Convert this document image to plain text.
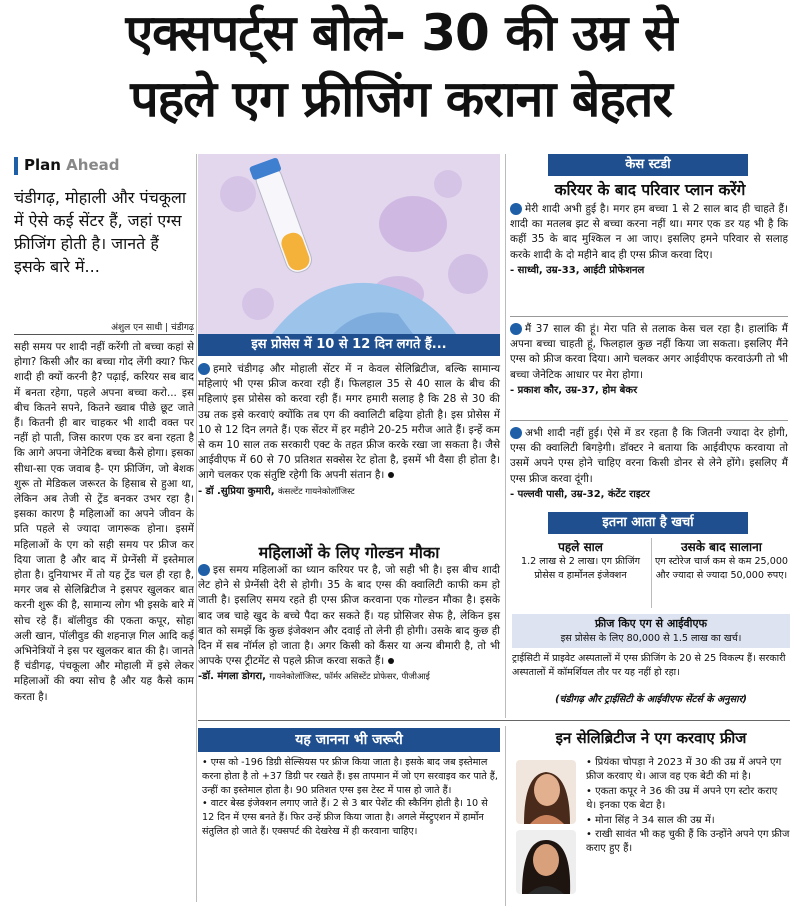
एक्सपर्ट्स बोले- 30 की उम्र से
पहले एग फ्रीजिंग कराना बेहतर
Plan Ahead
चंडीगढ़, मोहाली और पंचकूला में ऐसे कई सेंटर हैं, जहां एग्स फ्रीजिंग होती है। जानते हैं इसके बारे में...
अंशुल एन साधी | चंडीगढ़
सही समय पर शादी नहीं करेंगी तो बच्चा कहां से होगा? किसी और का बच्चा गोद लेंगी क्या? फिर शादी ही क्यों करनी है? पढ़ाई, करियर सब बाद में बनता रहेगा, पहले अपना बच्चा करो... इस बीच कितने सपने, कितने ख्वाब पीछे छूट जाते हैं। कितनी ही बार चाहकर भी शादी वक्त पर नहीं हो पाती, जिस कारण एक डर बना रहता है कि आगे अपना जेनेटिक बच्चा कैसे होगा। इसका सीधा-सा एक जवाब है- एग फ्रीजिंग, जो बेशक शुरू तो मेडिकल जरूरत के हिसाब से हुआ था, लेकिन अब तेजी से ट्रेंड बनकर उभर रहा है। इसका कारण है महिलाओं का अपने जीवन के प्रति पहले से ज्यादा जागरूक होना। इसमें महिलाओं के एग को सही समय पर फ्रीज कर दिया जाता है और बाद में प्रेग्नेंसी में इस्तेमाल होता है। दुनियाभर में तो यह ट्रेंड चल ही रहा है, मगर जब से सेलिब्रिटीज ने इसपर खुलकर बात करनी शुरू की है, सामान्य लोग भी इसके बारे में सोच रहे हैं। बॉलीवुड की एकता कपूर, सोहा अली खान, पॉलीवुड की शहनाज़ गिल आदि कई अभिनेत्रियों ने इस पर खुलकर बात की है। जानते हैं चंडीगढ़, पंचकूला और मोहाली में इसे लेकर महिलाओं की क्या सोच है और यह कैसे काम करता है।
इस प्रोसेस में 10 से 12 दिन लगते हैं...
हमारे चंडीगढ़ और मोहाली सेंटर में न केवल सेलिब्रिटीज, बल्कि सामान्य महिलाएं भी एग्स फ्रीज करवा रही हैं। फिलहाल 35 से 40 साल के बीच की महिलाएं इस प्रोसेस को करवा रही हैं। मगर हमारी सलाह है कि 28 से 30 की उम्र तक इसे करवाएं क्योंकि तब एग की क्वालिटी बढ़िया होती है। इस प्रोसेस में 10 से 12 दिन लगते हैं। एक सेंटर में हर महीने 20-25 मरीज आते हैं। इन्हें कम से कम 10 साल तक सरकारी एक्ट के तहत फ्रीज करके रखा जा सकता है। जैसे आईवीएफ में 60 से 70 प्रतिशत सक्सेस रेट होता है, इसमें भी वैसा ही होता है। आगे चलकर एक संतुष्टि रहेगी कि अपनी संतान है।
- डॉ .सुप्रिया कुमारी, कंसल्टेंट गायनेकोलॉजिस्ट
महिलाओं के लिए गोल्डन मौका
इस समय महिलाओं का ध्यान करियर पर है, जो सही भी है। इस बीच शादी लेट होने से प्रेग्नेंसी देरी से होगी। 35 के बाद एग्स की क्वालिटी काफी कम हो जाती है। इसलिए समय रहते ही एग्स फ्रीज करवाना एक गोल्डन मौका है। इसके बाद जब चाहे खुद के बच्चे पैदा कर सकते हैं। यह प्रोसिजर सेफ है, लेकिन इस बात को समझें कि कुछ इंजेक्शन और दवाई तो लेनी ही होगी। उसके बाद कुछ ही दिन में सब नॉर्मल हो जाता है। अगर किसी को कैंसर या अन्य बीमारी है, तो भी आपके एग्स ट्रीटमेंट से पहले फ्रीज करवा सकते हैं।
-डॉ. मंगला डोगरा, गायनेकोलॉजिस्ट, फॉर्मर असिस्टेंट प्रोफेसर, पीजीआई
केस स्टडी
करियर के बाद परिवार प्लान करेंगे
मेरी शादी अभी हुई है। मगर हम बच्चा 1 से 2 साल बाद ही चाहते हैं। शादी का मतलब झट से बच्चा करना नहीं था। मगर एक डर यह भी है कि कहीं 35 के बाद मुश्किल न आ जाए। इसलिए हमने परिवार से सलाह करके शादी के दो महीने बाद ही एग्स फ्रीज करवा दिए।
- साध्वी, उम्र-33, आईटी प्रोफेशनल
मैं 37 साल की हूं। मेरा पति से तलाक केस चल रहा है। हालांकि मैं अपना बच्चा चाहती हूं, फिलहाल कुछ नहीं किया जा सकता। इसलिए मैंने एग्स को फ्रीज करवा दिया। आगे चलकर अगर आईवीएफ करवाऊंगी तो भी बच्चा जेनेटिक आधार पर मेरा होगा।
- प्रकाश कौर, उम्र-37, होम बेकर
अभी शादी नहीं हुई। ऐसे में डर रहता है कि जितनी ज्यादा देर होगी, एग्स की क्वालिटी बिगड़ेगी। डॉक्टर ने बताया कि आईवीएफ करवाया तो उसमें अपने एग्स होने चाहिए वरना किसी डोनर से लेने होंगे। इसलिए मैं एग्स फ्रीज करवा दूंगी।
- पल्लवी पासी, उम्र-32, कंटेंट राइटर
इतना आता है खर्चा
पहले साल
1.2 लाख से 2 लाख। एग फ्रीजिंग प्रोसेस व हार्मोनल इंजेक्शन
उसके बाद सालाना
एग स्टोरेज चार्ज कम से कम 25,000 और ज्यादा से ज्यादा 50,000 रुपए।
फ्रीज किए एग से आईवीएफ
इस प्रोसेस के लिए 80,000 से 1.5 लाख का खर्च।
ट्राईसिटी में प्राइवेट अस्पतालों में एग्स फ्रीजिंग के 20 से 25 विकल्प हैं। सरकारी अस्पतालों में कॉमर्शियल तौर पर यह नहीं हो रहा।
(चंडीगढ़ और ट्राईसिटी के आईवीएफ सेंटर्स के अनुसार)
यह जानना भी जरूरी
• एग्स को -196 डिग्री सेल्सियस पर फ्रीज किया जाता है। इसके बाद जब इस्तेमाल करना होता है तो +37 डिग्री पर रखते हैं। इस तापमान में जो एग सरवाइव कर पाते हैं, उन्हीं का इस्तेमाल होता है। 90 प्रतिशत एग्स इस टेस्ट में पास हो जाते हैं।
• वाटर बेस्ड इंजेक्शन लगाए जाते हैं। 2 से 3 बार पेशेंट की स्कैनिंग होती है। 10 से 12 दिन में एग्स बनते हैं। फिर उन्हें फ्रीज किया जाता है। अगले मेंस्ट्रुएशन में हार्मोन संतुलित हो जाते हैं। एक्सपर्ट की देखरेख में ही करवाना चाहिए।
इन सेलिब्रिटीज ने एग करवाए फ्रीज
• प्रियंका चोपड़ा ने 2023 में 30 की उम्र में अपने एग फ्रीज करवाए थे। आज वह एक बेटी की मां है।
• एकता कपूर ने 36 की उम्र में अपने एग स्टोर कराए थे। इनका एक बेटा है।
• मोना सिंह ने 34 साल की उम्र में।
• राखी सावंत भी कह चुकी हैं कि उन्होंने अपने एग फ्रीज कराए हुए हैं।
